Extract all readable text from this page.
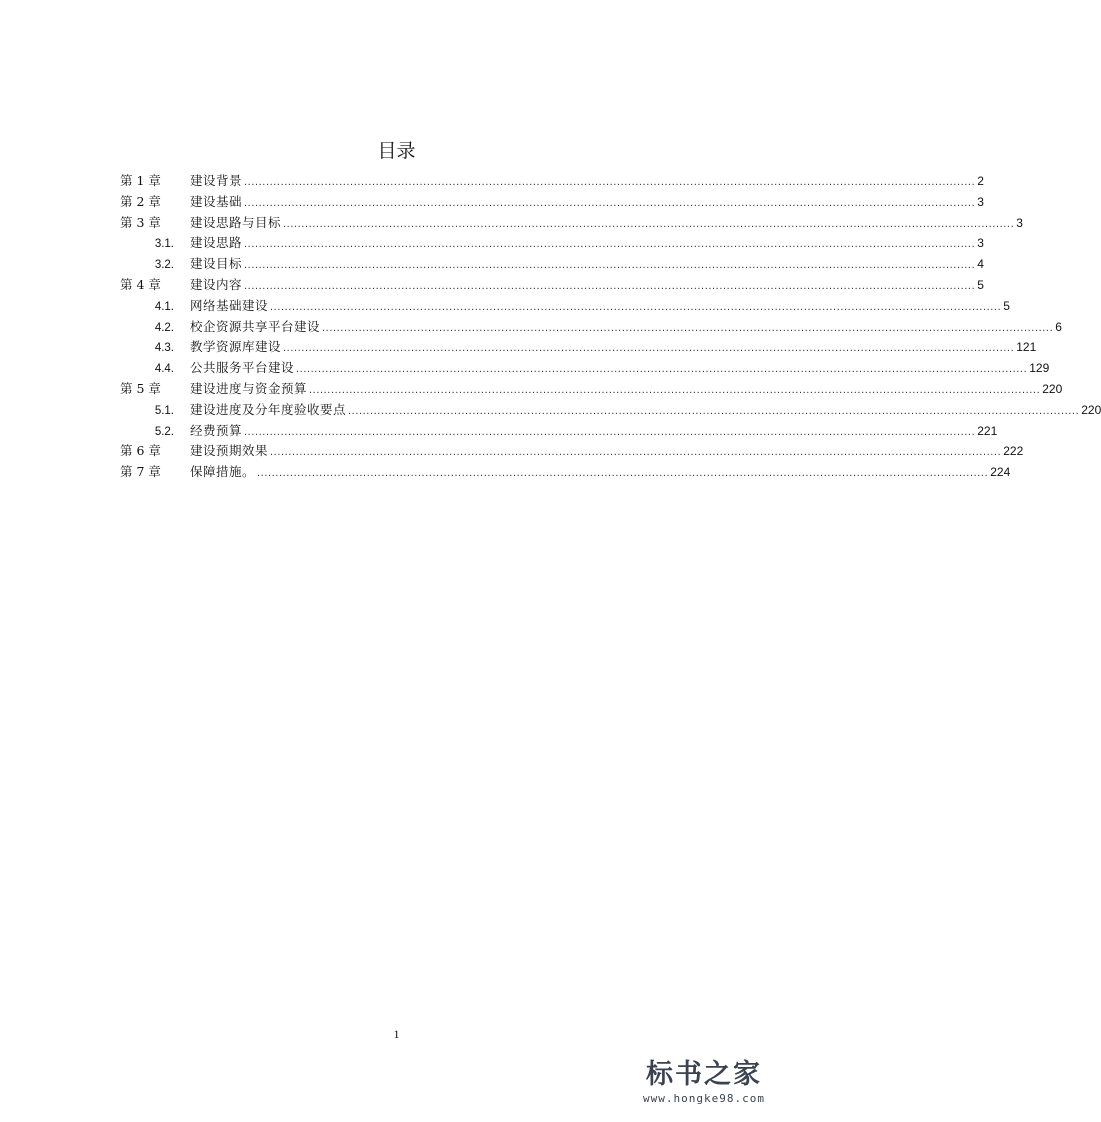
目录
第 1 章	建设背景 ........................................................................................................................................................................................................ 2
第 2 章	建设基础 ........................................................................................................................................................................................................ 3
第 3 章	建设思路与目标 ........................................................................................................................................................................................................ 3
3.1. 建设思路 ........................................................................................................................................................................................................ 3
3.2. 建设目标 ........................................................................................................................................................................................................ 4
第 4 章	建设内容 ........................................................................................................................................................................................................ 5
4.1. 网络基础建设 ........................................................................................................................................................................................................ 5
4.2. 校企资源共享平台建设 ........................................................................................................................................................................................................ 6
4.3. 教学资源库建设 ........................................................................................................................................................................................................ 121
4.4. 公共服务平台建设 ........................................................................................................................................................................................................ 129
第 5 章	建设进度与资金预算 ........................................................................................................................................................................................................ 220
5.1. 建设进度及分年度验收要点 ........................................................................................................................................................................................................ 220
5.2. 经费预算 ........................................................................................................................................................................................................ 221
第 6 章	建设预期效果 ........................................................................................................................................................................................................ 222
第 7 章	保障措施。 ........................................................................................................................................................................................................ 224
1
标书之家
www.hongke98.com
